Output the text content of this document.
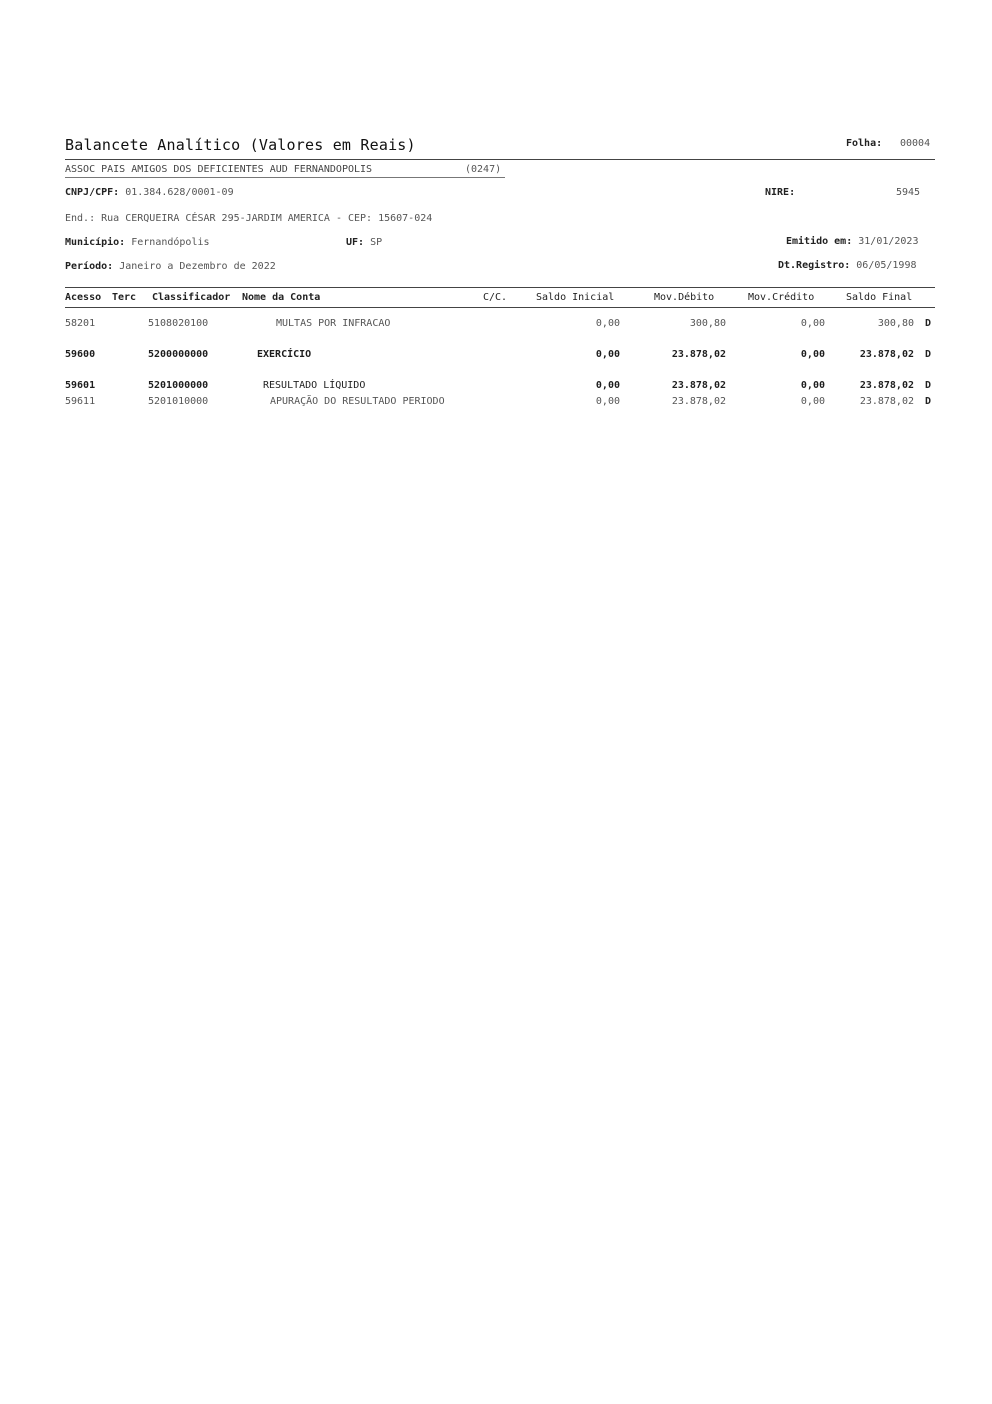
Balancete Analítico (Valores em Reais)	Folha: 00004
ASSOC PAIS AMIGOS DOS DEFICIENTES AUD FERNANDOPOLIS	(0247)
CNPJ/CPF: 01.384.628/0001-09	NIRE:	5945
End.: Rua CERQUEIRA CÉSAR 295-JARDIM AMERICA - CEP: 15607-024
Município: Fernandópolis	UF: SP	Emitido em: 31/01/2023
Período: Janeiro a Dezembro de 2022	Dt.Registro: 06/05/1998
Acesso Terc Classificador Nome da Conta	C/C.	Saldo Inicial	Mov.Débito	Mov.Crédito	Saldo Final
58201	5108020100	MULTAS POR INFRACAO	0,00	300,80	0,00	300,80 D
59600	5200000000	EXERCÍCIO	0,00	23.878,02	0,00	23.878,02 D
59601	5201000000	RESULTADO LÍQUIDO	0,00	23.878,02	0,00	23.878,02 D
59611	5201010000	APURAÇÃO DO RESULTADO PERIODO	0,00	23.878,02	0,00	23.878,02 D
